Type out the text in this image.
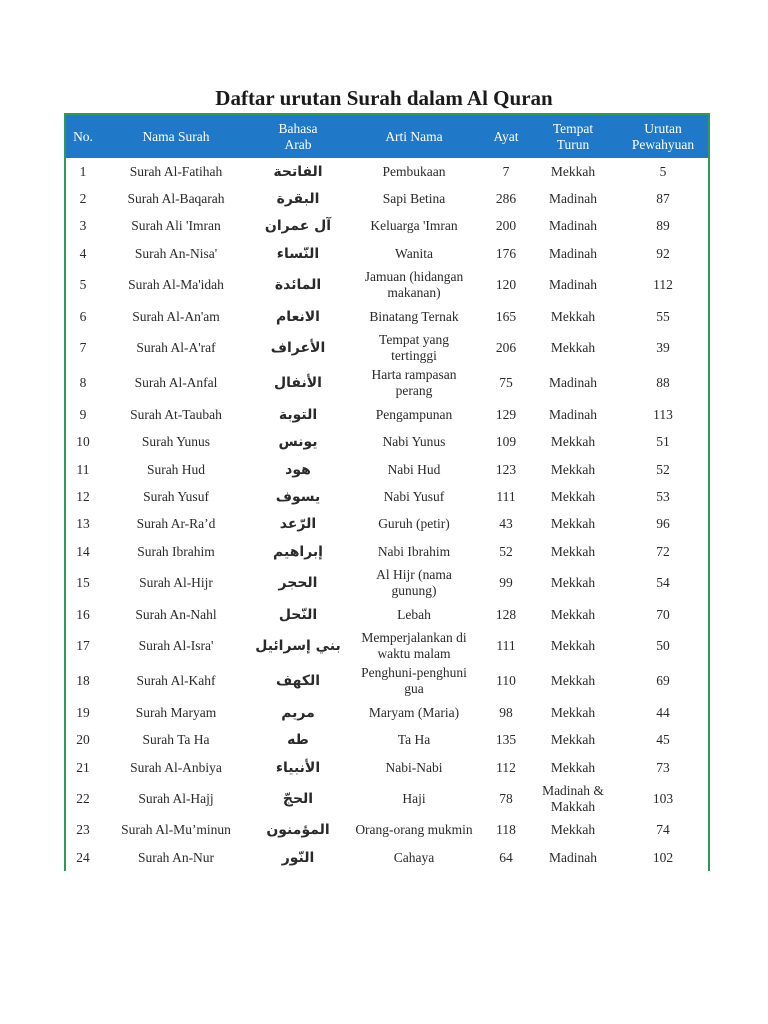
Daftar urutan Surah dalam Al Quran
No.	Nama Surah	Bahasa Arab	Arti Nama	Ayat	Tempat Turun	Urutan Pewahyuan

1	Surah Al-Fatihah	الفاتحة	Pembukaan	7	Mekkah	5
2	Surah Al-Baqarah	البقرة	Sapi Betina	286	Madinah	87
3	Surah Ali 'Imran	آل عمران	Keluarga 'Imran	200	Madinah	89
4	Surah An-Nisa'	النّساء	Wanita	176	Madinah	92
5	Surah Al-Ma'idah	المائدة	Jamuan (hidangan makanan)	120	Madinah	112
6	Surah Al-An'am	الانعام	Binatang Ternak	165	Mekkah	55
7	Surah Al-A'raf	الأعراف	Tempat yang tertinggi	206	Mekkah	39
8	Surah Al-Anfal	الأنفال	Harta rampasan perang	75	Madinah	88
9	Surah At-Taubah	التوبة	Pengampunan	129	Madinah	113
10	Surah Yunus	يونس	Nabi Yunus	109	Mekkah	51
11	Surah Hud	هود	Nabi Hud	123	Mekkah	52
12	Surah Yusuf	يسوف	Nabi Yusuf	111	Mekkah	53
13	Surah Ar-Ra’d	الرّعد	Guruh (petir)	43	Mekkah	96
14	Surah Ibrahim	إبراهيم	Nabi Ibrahim	52	Mekkah	72
15	Surah Al-Hijr	الحجر	Al Hijr (nama gunung)	99	Mekkah	54
16	Surah An-Nahl	النّحل	Lebah	128	Mekkah	70
17	Surah Al-Isra'	بني إسرائيل	Memperjalankan di waktu malam	111	Mekkah	50
18	Surah Al-Kahf	الكهف	Penghuni-penghuni gua	110	Mekkah	69
19	Surah Maryam	مريم	Maryam (Maria)	98	Mekkah	44
20	Surah Ta Ha	طه	Ta Ha	135	Mekkah	45
21	Surah Al-Anbiya	الأنبياء	Nabi-Nabi	112	Mekkah	73
22	Surah Al-Hajj	الحجّ	Haji	78	Madinah & Makkah	103
23	Surah Al-Mu’minun	المؤمنون	Orang-orang mukmin	118	Mekkah	74
24	Surah An-Nur	النّور	Cahaya	64	Madinah	102
